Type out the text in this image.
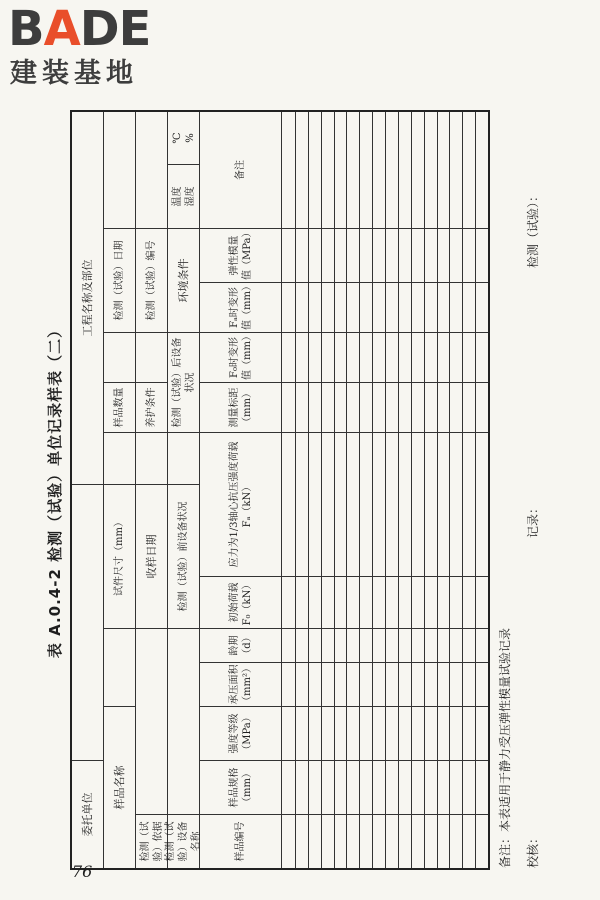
BADE
建装基地
表 A.0.4-2 检测（试验）单位记录样表（二）
委托单位
工程名称及部位
样品名称
试件尺寸（mm）
样品数量
检测（试验）日期
检测（试验）依据
收样日期
养护条件
检测（试验）编号
检测（试验）设备名称
检测（试验）前设备状况
检测（试验）后设备状况
环境条件
温度 湿度
℃ %
样品编号
样品规格（mm）
强度等级（MPa）
承压面积（mm²）
龄期（d）
初始荷载 F₀（kN）
应力为1/3轴心抗压强度荷载 Fₐ（kN）
测量标距（mm）
F₀时变形值（mm）
Fₐ时变形值（mm）
弹性模量值（MPa）
备注
备注：本表适用于静力受压弹性模量试验记录 校核：
记录：
检测（试验）：
76
